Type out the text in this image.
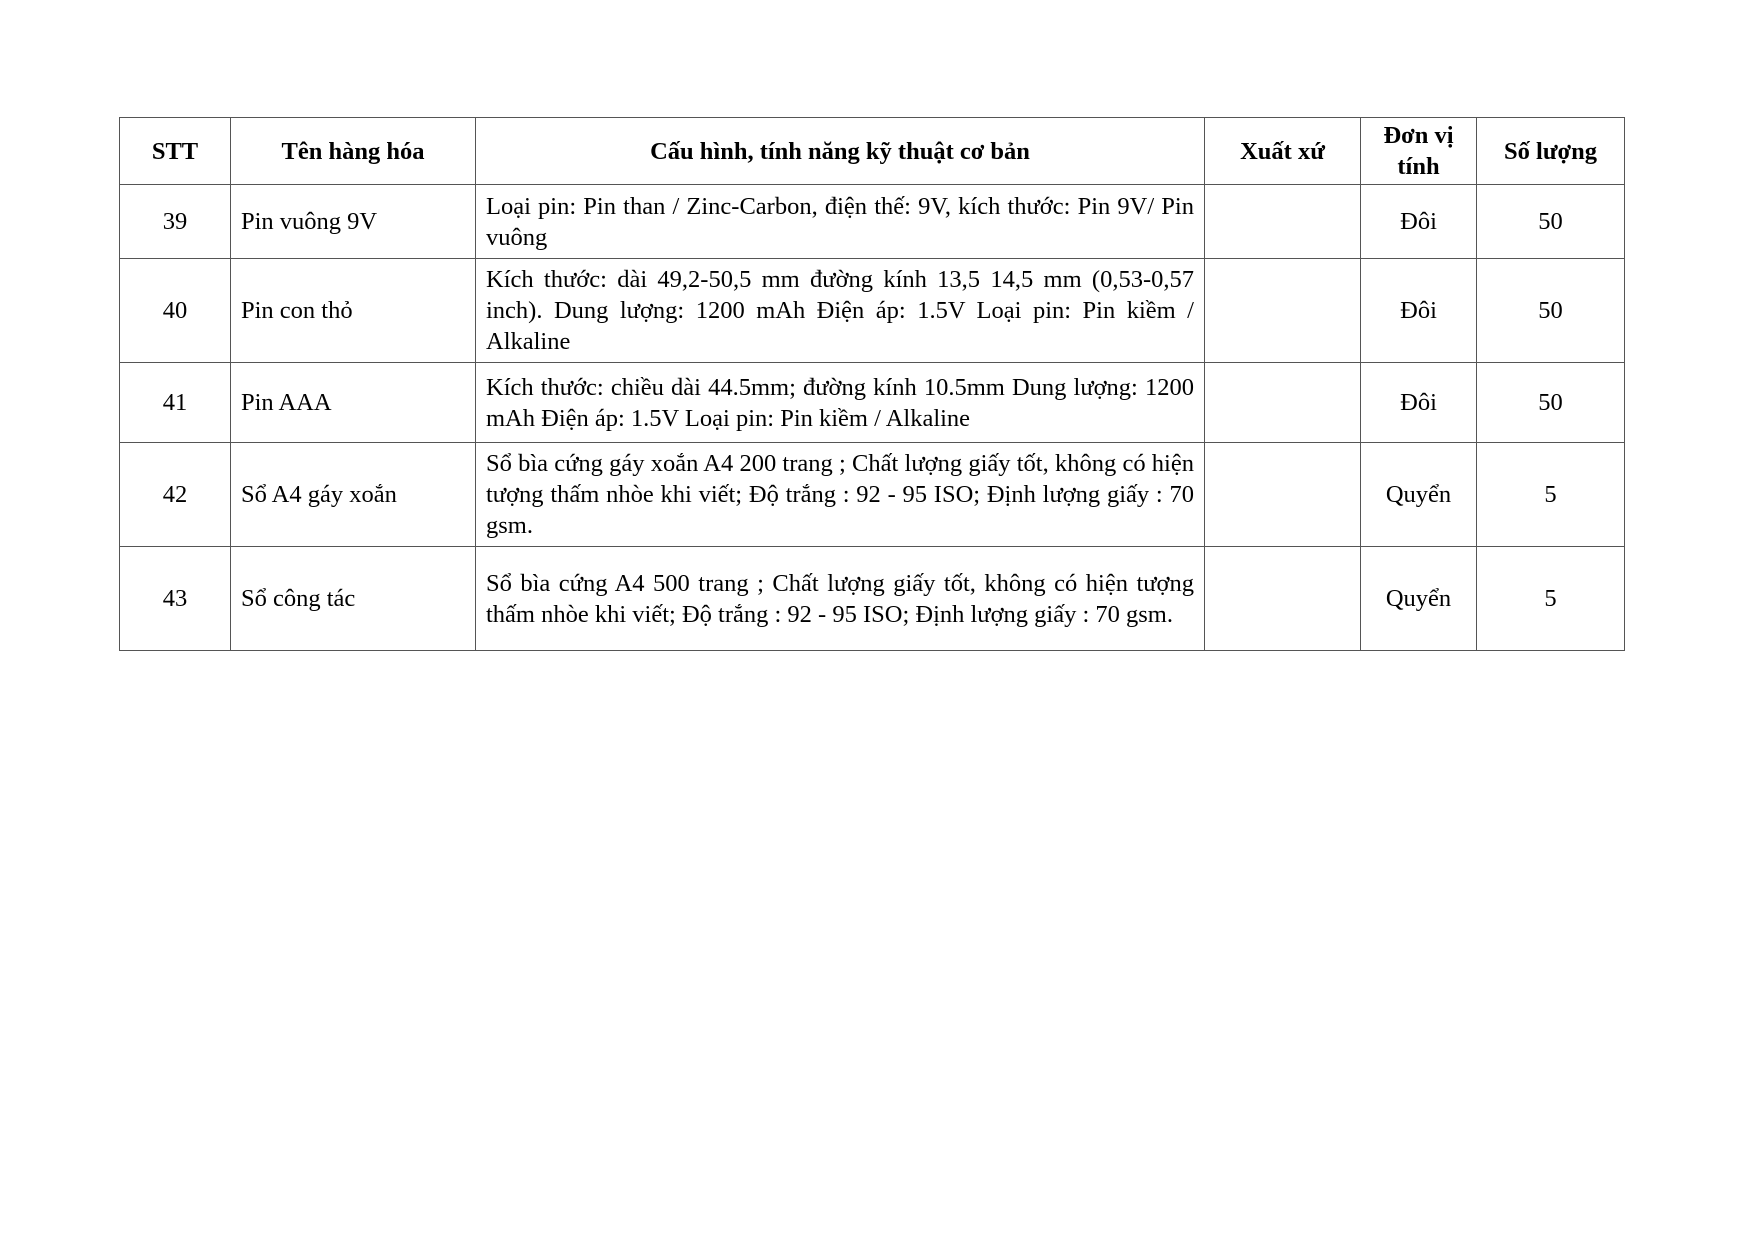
STT	Tên hàng hóa	Cấu hình, tính năng kỹ thuật cơ bản	Xuất xứ	Đơn vị tính	Số lượng
39	Pin vuông 9V	Loại pin: Pin than / Zinc-Carbon, điện thế: 9V, kích thước: Pin 9V/ Pin vuông		Đôi	50
40	Pin con thỏ	Kích thước: dài 49,2-50,5 mm đường kính 13,5 14,5 mm (0,53-0,57 inch). Dung lượng: 1200 mAh Điện áp: 1.5V Loại pin: Pin kiềm / Alkaline		Đôi	50
41	Pin AAA	Kích thước: chiều dài 44.5mm; đường kính 10.5mm Dung lượng: 1200 mAh Điện áp: 1.5V Loại pin: Pin kiềm / Alkaline		Đôi	50
42	Sổ A4 gáy xoắn	Sổ bìa cứng gáy xoắn A4 200 trang ; Chất lượng giấy tốt, không có hiện tượng thấm nhòe khi viết; Độ trắng : 92 - 95 ISO; Định lượng giấy : 70 gsm.		Quyển	5
43	Sổ công tác	Sổ bìa cứng A4 500 trang ; Chất lượng giấy tốt, không có hiện tượng thấm nhòe khi viết; Độ trắng : 92 - 95 ISO; Định lượng giấy : 70 gsm.		Quyển	5
